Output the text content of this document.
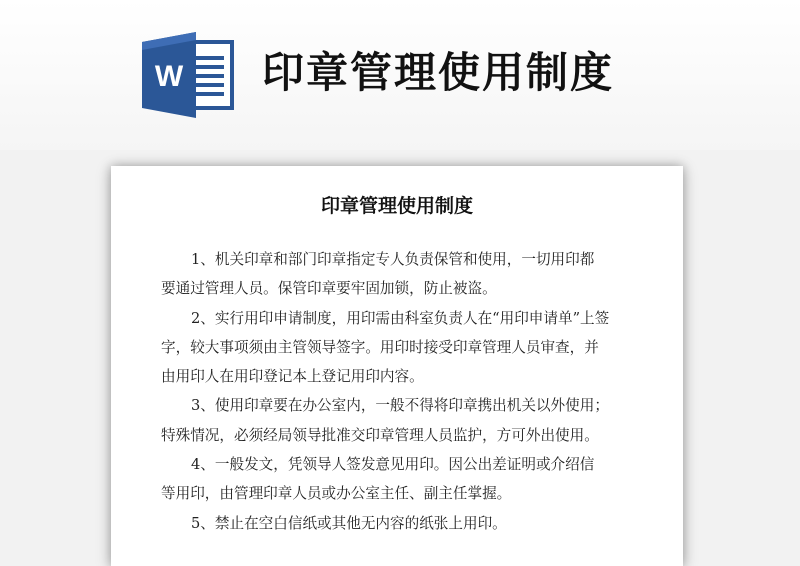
W 印章管理使用制度
印章管理使用制度

1、机关印章和部门印章指定专人负责保管和使用，一切用印都
要通过管理人员。保管印章要牢固加锁，防止被盗。

2、实行用印申请制度，用印需由科室负责人在“用印申请单”上签
字，较大事项须由主管领导签字。用印时接受印章管理人员审查，并
由用印人在用印登记本上登记用印内容。

3、使用印章要在办公室内，一般不得将印章携出机关以外使用；
特殊情况，必须经局领导批准交印章管理人员监护，方可外出使用。

4、一般发文，凭领导人签发意见用印。因公出差证明或介绍信
等用印，由管理印章人员或办公室主任、副主任掌握。

5、禁止在空白信纸或其他无内容的纸张上用印。
